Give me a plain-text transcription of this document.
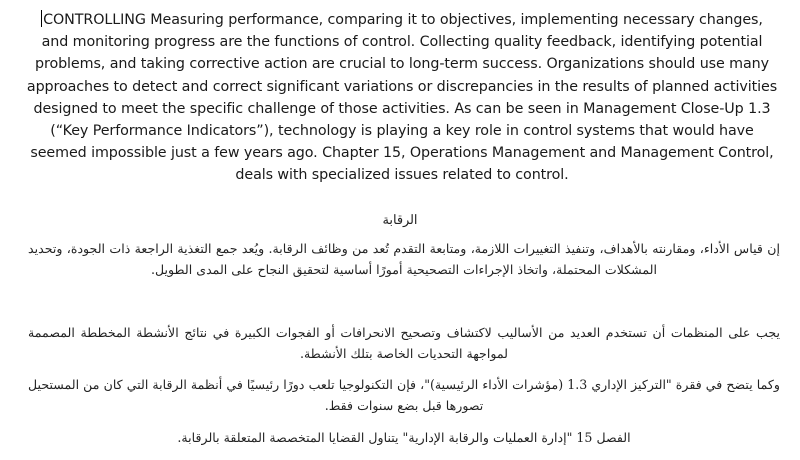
CONTROLLING Measuring performance, comparing it to objectives, implementing necessary changes, and monitoring progress are the functions of control. Collecting quality feedback, identifying potential problems, and taking corrective action are crucial to long-term success. Organizations should use many approaches to detect and correct significant variations or discrepancies in the results of planned activities designed to meet the specific challenge of those activities. As can be seen in Management Close-Up 1.3 (“Key Performance Indicators”), technology is playing a key role in control systems that would have seemed impossible just a few years ago. Chapter 15, Operations Management and Management Control, deals with specialized issues related to control.

الرقابة
إن قياس الأداء، ومقارنته بالأهداف، وتنفيذ التغييرات اللازمة، ومتابعة التقدم تُعد من وظائف الرقابة. ويُعد جمع التغذية الراجعة ذات الجودة، وتحديد المشكلات المحتملة، واتخاذ الإجراءات التصحيحية أمورًا أساسية لتحقيق النجاح على المدى الطويل.
يجب على المنظمات أن تستخدم العديد من الأساليب لاكتشاف وتصحيح الانحرافات أو الفجوات الكبيرة في نتائج الأنشطة المخططة المصممة لمواجهة التحديات الخاصة بتلك الأنشطة.
وكما يتضح في فقرة "التركيز الإداري 1.3 (مؤشرات الأداء الرئيسية)"، فإن التكنولوجيا تلعب دورًا رئيسيًا في أنظمة الرقابة التي كان من المستحيل تصورها قبل بضع سنوات فقط.
الفصل 15 "إدارة العمليات والرقابة الإدارية" يتناول القضايا المتخصصة المتعلقة بالرقابة.
